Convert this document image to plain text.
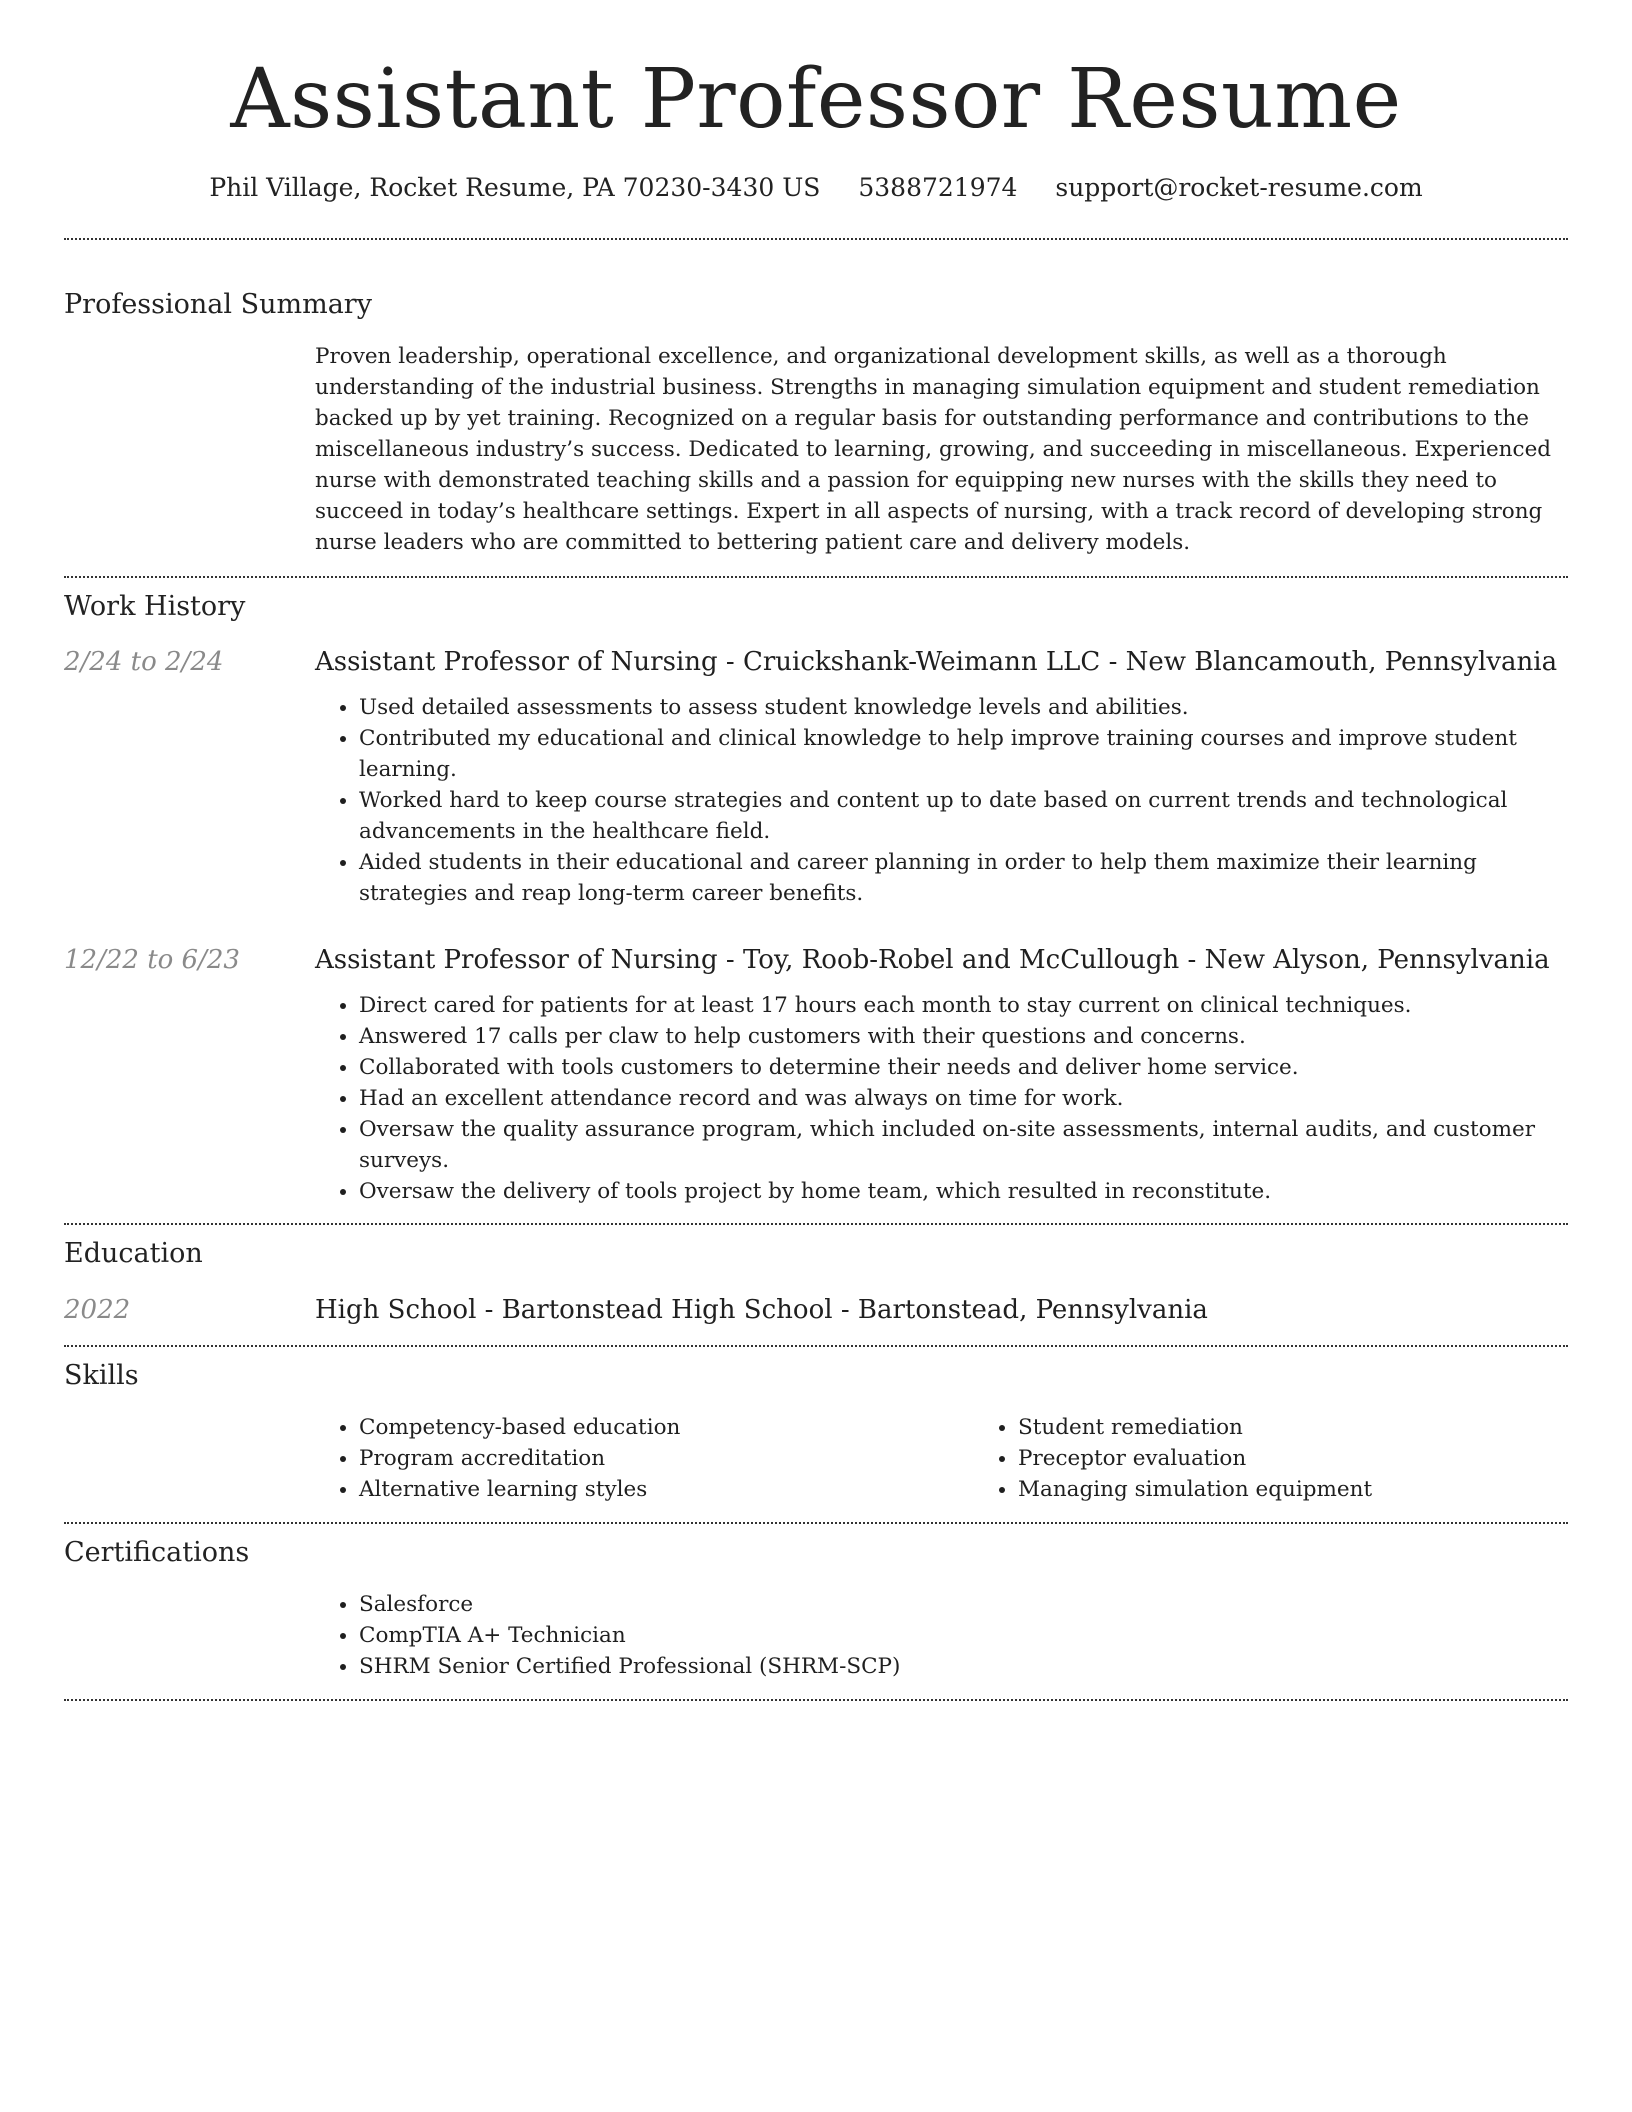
Assistant Professor Resume
Phil Village, Rocket Resume, PA 70230-3430 US 5388721974 support@rocket-resume.com
Professional Summary

Proven leadership, operational excellence, and organizational development skills, as well as a thorough understanding of the industrial business. Strengths in managing simulation equipment and student remediation backed up by yet training. Recognized on a regular basis for outstanding performance and contributions to the miscellaneous industry’s success. Dedicated to learning, growing, and succeeding in miscellaneous. Experienced nurse with demonstrated teaching skills and a passion for equipping new nurses with the skills they need to succeed in today’s healthcare settings. Expert in all aspects of nursing, with a track record of developing strong nurse leaders who are committed to bettering patient care and delivery models.

Work History
2/24 to 2/24	Assistant Professor of Nursing - Cruickshank-Weimann LLC - New Blancamouth, Pennsylvania
• Used detailed assessments to assess student knowledge levels and abilities.
• Contributed my educational and clinical knowledge to help improve training courses and improve student learning.
• Worked hard to keep course strategies and content up to date based on current trends and technological advancements in the healthcare field.
• Aided students in their educational and career planning in order to help them maximize their learning strategies and reap long-term career benefits.
12/22 to 6/23	Assistant Professor of Nursing - Toy, Roob-Robel and McCullough - New Alyson, Pennsylvania
• Direct cared for patients for at least 17 hours each month to stay current on clinical techniques.
• Answered 17 calls per claw to help customers with their questions and concerns.
• Collaborated with tools customers to determine their needs and deliver home service.
• Had an excellent attendance record and was always on time for work.
• Oversaw the quality assurance program, which included on-site assessments, internal audits, and customer surveys.
• Oversaw the delivery of tools project by home team, which resulted in reconstitute.
Education
2022	High School - Bartonstead High School - Bartonstead, Pennsylvania
Skills
• Competency-based education
• Program accreditation
• Alternative learning styles
• Student remediation
• Preceptor evaluation
• Managing simulation equipment
Certifications
• Salesforce
• CompTIA A+ Technician
• SHRM Senior Certified Professional (SHRM-SCP)
